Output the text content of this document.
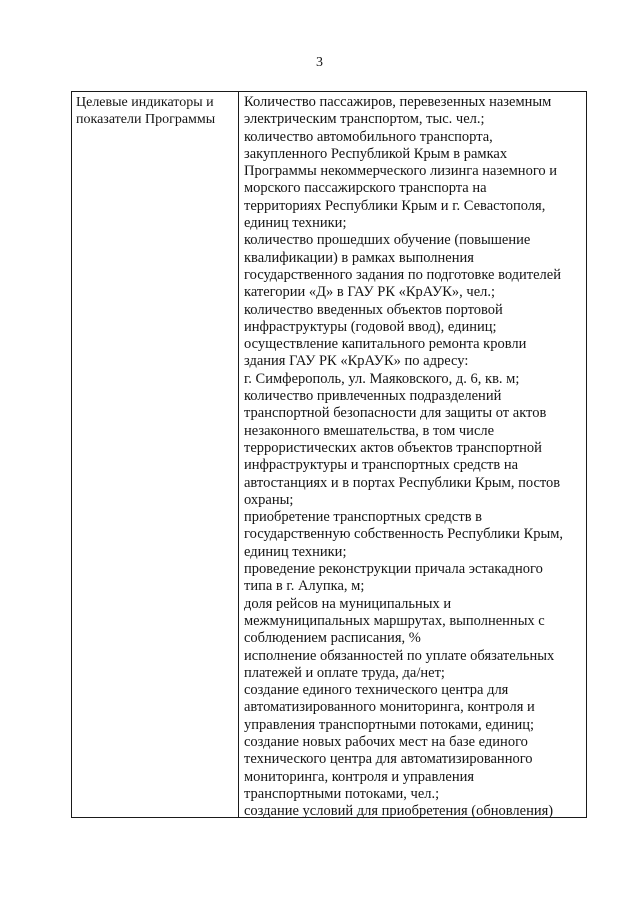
3
Целевые индикаторы и
показатели Программы
Количество пассажиров, перевезенных наземным
электрическим транспортом, тыс. чел.;
количество автомобильного транспорта,
закупленного Республикой Крым в рамках
Программы некоммерческого лизинга наземного и
морского пассажирского транспорта на
территориях Республики Крым и г. Севастополя,
единиц техники;
количество прошедших обучение (повышение
квалификации) в рамках выполнения
государственного задания по подготовке водителей
категории «Д» в ГАУ РК «КрАУК», чел.;
количество введенных объектов портовой
инфраструктуры (годовой ввод), единиц;
осуществление капитального ремонта кровли
здания ГАУ РК «КрАУК» по адресу:
г. Симферополь, ул. Маяковского, д. 6, кв. м;
количество привлеченных подразделений
транспортной безопасности для защиты от актов
незаконного вмешательства, в том числе
террористических актов объектов транспортной
инфраструктуры и транспортных средств на
автостанциях и в портах Республики Крым, постов
охраны;
приобретение транспортных средств в
государственную собственность Республики Крым,
единиц техники;
проведение реконструкции причала эстакадного
типа в г. Алупка, м;
доля рейсов на муниципальных и
межмуниципальных маршрутах, выполненных с
соблюдением расписания, %
исполнение обязанностей по уплате обязательных
платежей и оплате труда, да/нет;
создание единого технического центра для
автоматизированного мониторинга, контроля и
управления транспортными потоками, единиц;
создание новых рабочих мест на базе единого
технического центра для автоматизированного
мониторинга, контроля и управления
транспортными потоками, чел.;
создание условий для приобретения (обновления)
